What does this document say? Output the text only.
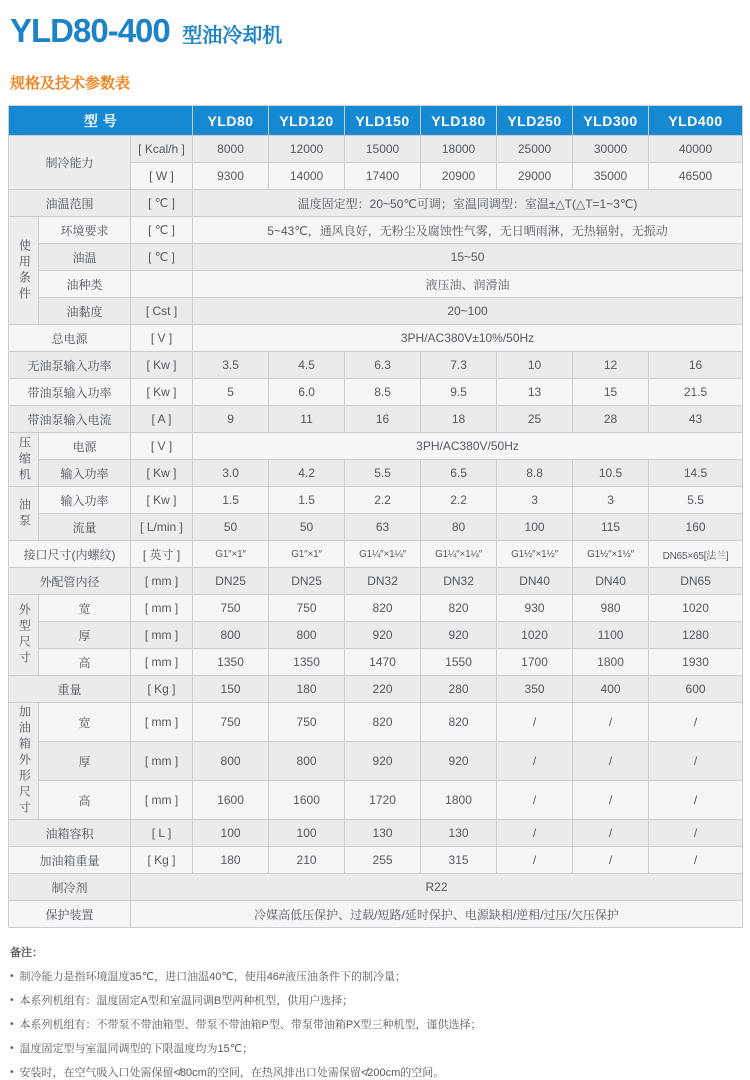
YLD80-400 型油冷却机
规格及技术参数表
型 号			YLD80	YLD120	YLD150	YLD180	YLD250	YLD300	YLD400
制冷能力		[ Kcal/h ]	8000	12000	15000	18000	25000	30000	40000
		[ W ]	9300	14000	17400	20900	29000	35000	46500
油温范围		[ ℃ ]	温度固定型：20~50℃可调；室温同调型：室温±△T(△T=1~3℃)						
使用条件	环境要求	[ ℃ ]	5~43℃，通风良好，无粉尘及腐蚀性气雾，无日晒雨淋，无热辐射，无振动						
	油温	[ ℃ ]	15~50						
	油种类		液压油、润滑油						
	油黏度	[ Cst ]	20~100						
总电源		[ V ]	3PH/AC380V±10%/50Hz						
无油泵输入功率		[ Kw ]	3.5	4.5	6.3	7.3	10	12	16
带油泵输入功率		[ Kw ]	5	6.0	8.5	9.5	13	15	21.5
带油泵输入电流		[ A ]	9	11	16	18	25	28	43
压缩机	电源	[ V ]	3PH/AC380V/50Hz						
	输入功率	[ Kw ]	3.0	4.2	5.5	6.5	8.8	10.5	14.5
油泵	输入功率	[ Kw ]	1.5	1.5	2.2	2.2	3	3	5.5
	流量	[ L/min ]	50	50	63	80	100	115	160
接口尺寸(内螺纹)		[ 英寸 ]	G1″×1″	G1″×1″	G1¼″×1¼″	G1¼″×1¼″	G1½″×1½″	G1½″×1½″	DN65×65[法兰]
外配管内径		[ mm ]	DN25	DN25	DN32	DN32	DN40	DN40	DN65
外型尺寸	宽	[ mm ]	750	750	820	820	930	980	1020
	厚	[ mm ]	800	800	920	920	1020	1100	1280
	高	[ mm ]	1350	1350	1470	1550	1700	1800	1930
重量		[ Kg ]	150	180	220	280	350	400	600
加油箱外形尺寸	宽	[ mm ]	750	750	820	820	/	/	/
	厚	[ mm ]	800	800	920	920	/	/	/
	高	[ mm ]	1600	1600	1720	1800	/	/	/
油箱容积		[ L ]	100	100	130	130	/	/	/
加油箱重量		[ Kg ]	180	210	255	315	/	/	/
制冷剂		R22							
保护装置		冷媒高低压保护、过载/短路/延时保护、电源缺相/逆相/过压/欠压保护							
备注：
• 制冷能力是指环境温度35℃，进口油温40℃，使用46#液压油条件下的制冷量；
• 本系列机组有：温度固定A型和室温同调B型两种机型，供用户选择；
• 本系列机组有：不带泵不带油箱型、带泵不带油箱P型、带泵带油箱PX型三种机型，谨供选择；
• 温度固定型与室温同调型的下限温度均为15℃；
• 安装时，在空气吸入口处需保留≮80cm的空间，在热风排出口处需保留≮200cm的空间。
